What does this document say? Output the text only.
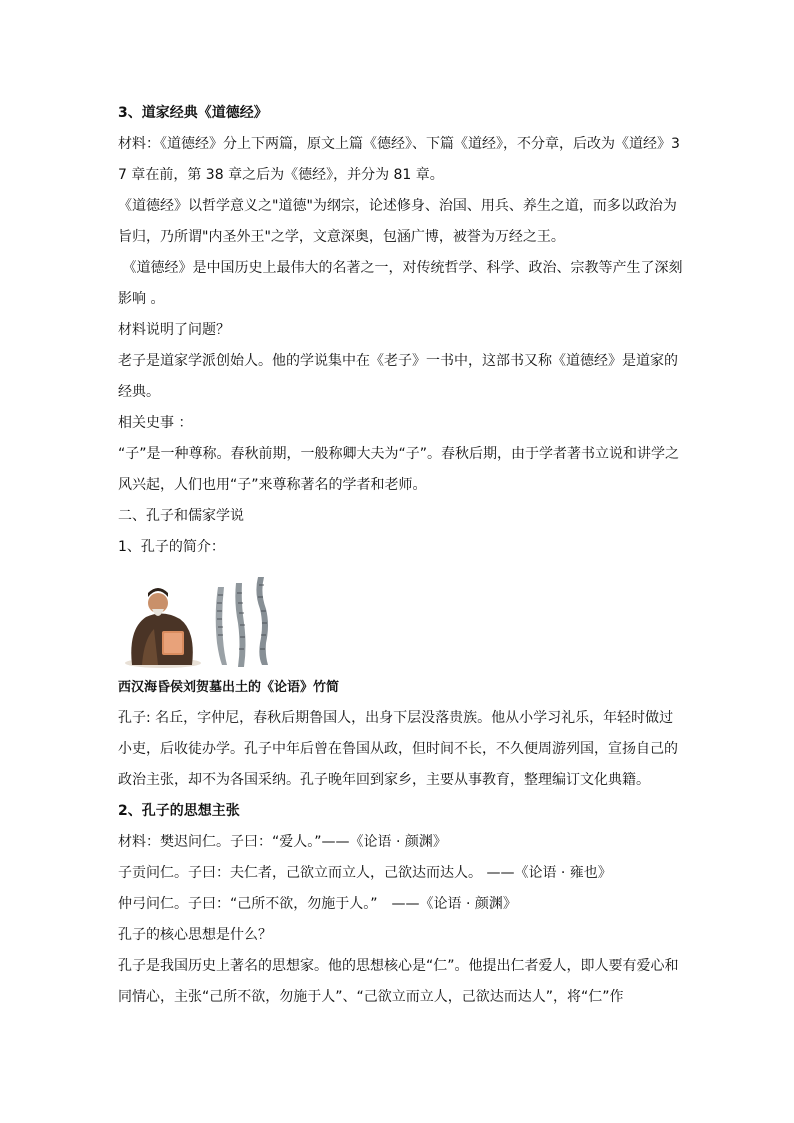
3、道家经典《道德经》

材料：《道德经》分上下两篇，原文上篇《德经》、下篇《道经》，不分章，后改为《道经》37 章在前，第 38 章之后为《德经》，并分为 81 章。

《道德经》以哲学意义之"道德"为纲宗，论述修身、治国、用兵、养生之道，而多以政治为旨归，乃所谓"内圣外王"之学，文意深奥，包涵广博，被誉为万经之王。

《道德经》是中国历史上最伟大的名著之一，对传统哲学、科学、政治、宗教等产生了深刻影响 。

材料说明了问题？

老子是道家学派创始人。他的学说集中在《老子》一书中，这部书又称《道德经》是道家的经典。

相关史事 ：

“子”是一种尊称。春秋前期，一般称卿大夫为“子”。春秋后期，由于学者著书立说和讲学之风兴起，人们也用“子”来尊称著名的学者和老师。

二、孔子和儒家学说

1、孔子的简介：

西汉海昏侯刘贺墓出土的《论语》竹简

孔子: 名丘，字仲尼，春秋后期鲁国人，出身下层没落贵族。他从小学习礼乐，年轻时做过小吏，后收徒办学。孔子中年后曾在鲁国从政，但时间不长，不久便周游列国，宣扬自己的政治主张，却不为各国采纳。孔子晚年回到家乡，主要从事教育，整理编订文化典籍。

2、孔子的思想主张

材料：樊迟问仁。子曰：“爱人。”——《论语 · 颜渊》

子贡问仁。子曰：夫仁者，己欲立而立人，己欲达而达人。 ——《论语 · 雍也》

仲弓问仁。子曰：“己所不欲，勿施于人。”　——《论语 · 颜渊》

孔子的核心思想是什么？

孔子是我国历史上著名的思想家。他的思想核心是“仁”。他提出仁者爱人，即人要有爱心和同情心，主张“己所不欲，勿施于人”、“己欲立而立人，己欲达而达人”，将“仁”作
